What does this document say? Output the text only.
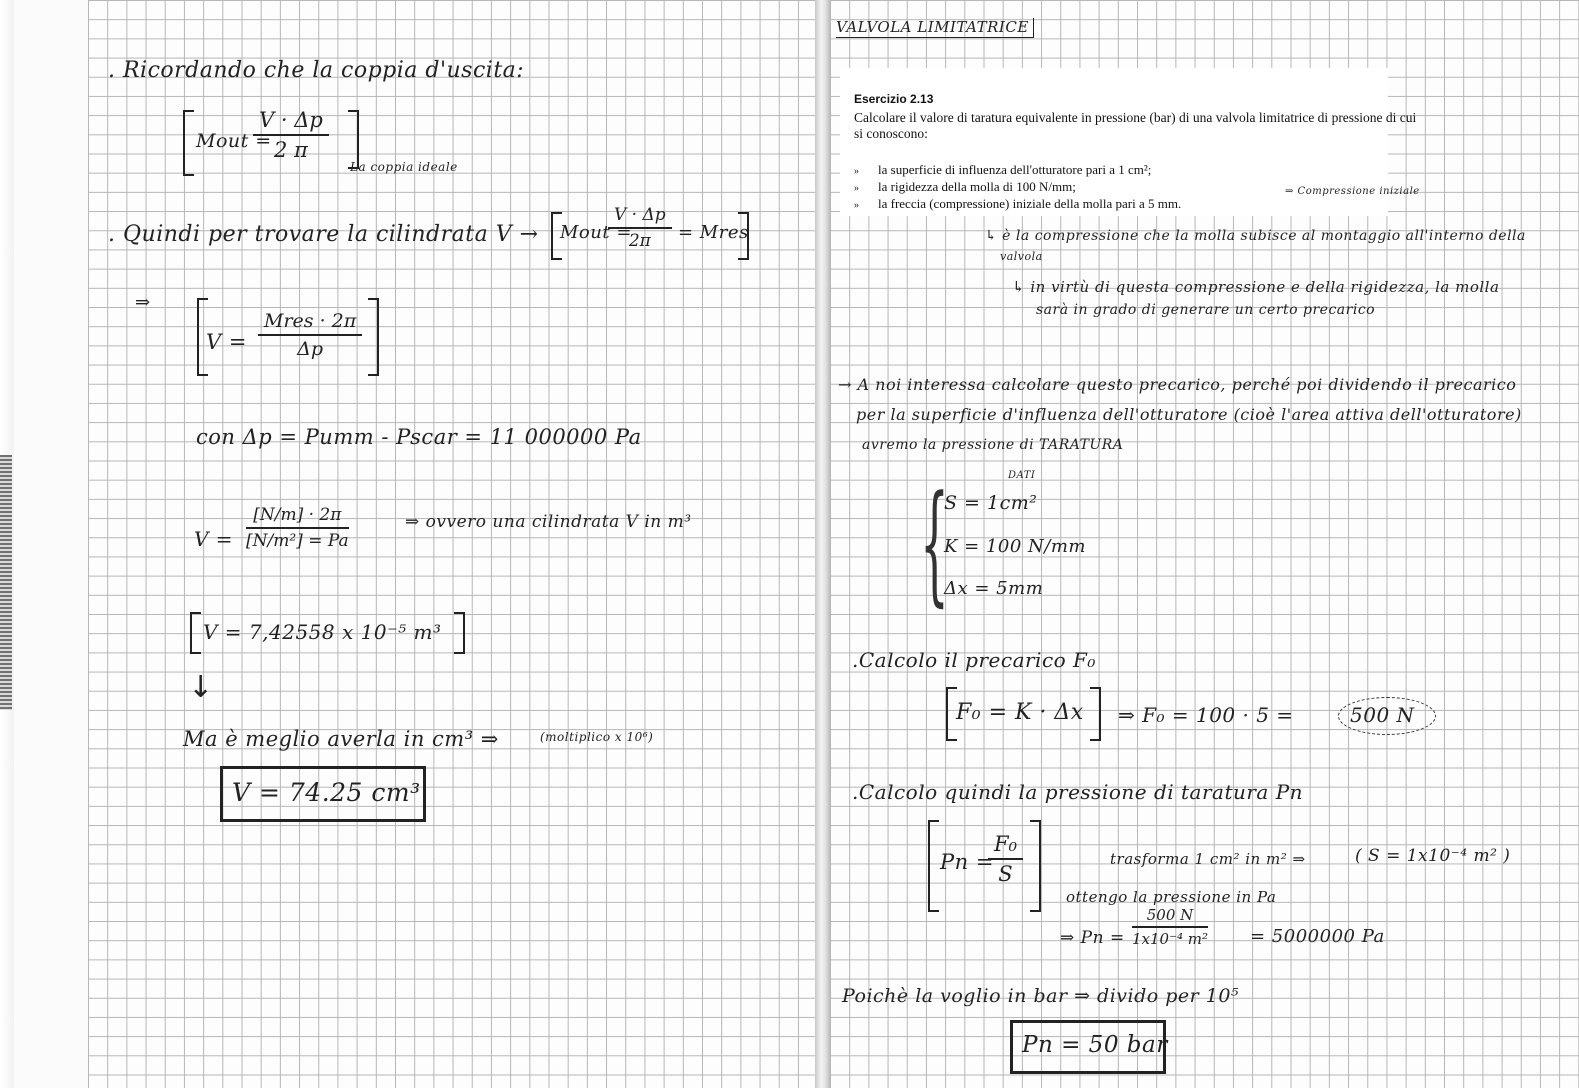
. Ricordando che la coppia d'uscita:
Mout =
$\frac{V \cdot \Delta p}{2 \pi}$
La coppia ideale
. Quindi per trovare la cilindrata V → Mout =
$\frac{V \cdot \Delta p}{2\pi}$ = Mres
⇒
V =
Mres · 2π
Δp
con Δp = Pumm - Pscar = 11 000000 Pa
$V = \frac{[N/m] \cdot 2\pi}{\text{[N/m²] = Pa}}$	⇒ ovvero una cilindrata V in m³
V = 7,42558 x 10⁻⁵ m³
↓
Ma è meglio averla in cm³ ⇒	(moltiplico x 10⁶)
V = 74.25 cm³
VALVOLA LIMITATRICE
Esercizio 2.13
Calcolare il valore di taratura equivalente in pressione (bar) di una valvola limitatrice di pressione di cui si conoscono:
» la superficie di influenza dell'otturatore pari a 1 cm²;
» la rigidezza della molla di 100 N/mm;
» la freccia (compressione) iniziale della molla pari a 5 mm.
⇒ Compressione iniziale
↳ è la compressione che la molla subisce al montaggio all'interno della
valvola
↳ in virtù di questa compressione e della rigidezza, la molla
sarà in grado di generare un certo precarico
→ A noi interessa calcolare questo precarico, perché poi dividendo il precarico
per la superficie d'influenza dell'otturatore (cioè l'area attiva dell'otturatore)
avremo la pressione di TARATURA
DATI
{
S = 1cm²
K = 100 N/mm
Δx = 5mm
.Calcolo il precarico F₀
F₀ = K · Δx ⇒ F₀ = 100 · 5 =	500 N
.Calcolo quindi la pressione di taratura Pn
Pn =
$\frac{\text{F₀}}{S}$	trasforma 1 cm² in m² ⇒	( S = 1x10⁻⁴ m² )
ottengo la pressione in Pa
⇒ $Pn = \frac{500 N}{\text{1x10⁻⁴ m²}} = 5000000$ Pa
Poichè la voglio in bar ⇒ divido per 10⁵
Pn = 50 bar
